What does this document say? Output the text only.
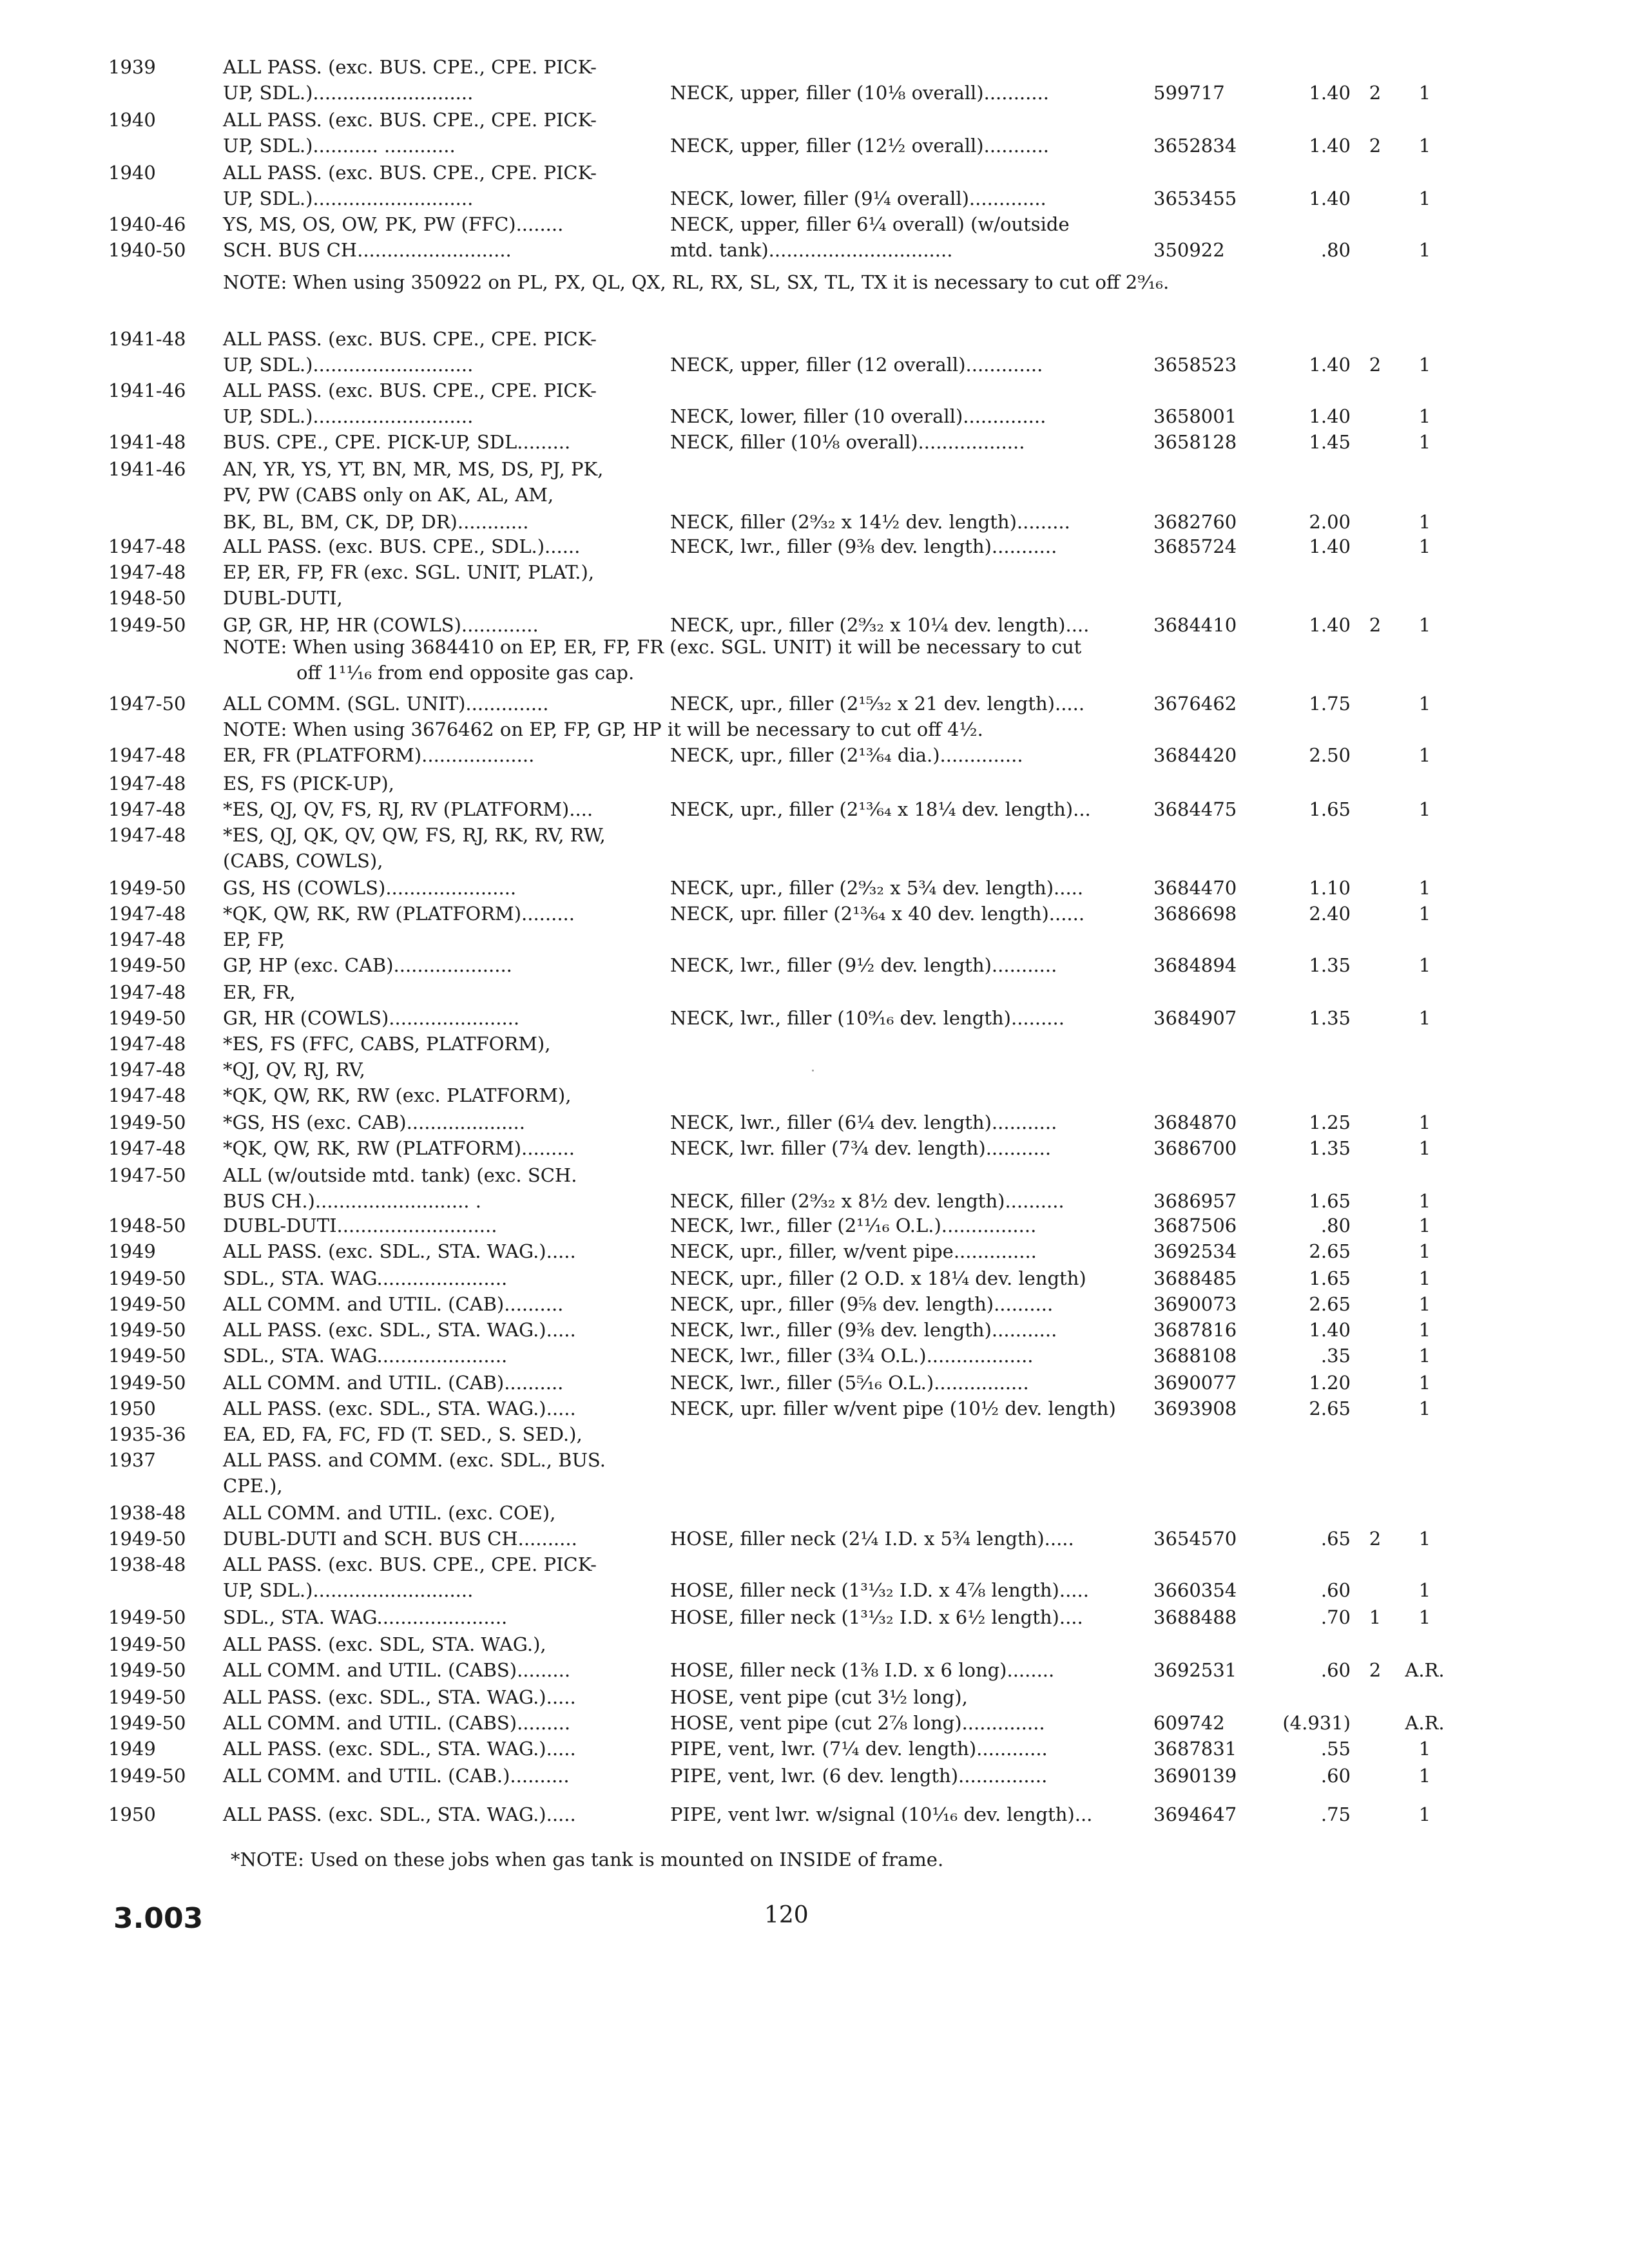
1939	ALL PASS. (exc. BUS. CPE., CPE. PICK-
UP, SDL.)...........................	NECK, upper, filler (10⅛ overall)...........	599717	1.40 2	1
1940	ALL PASS. (exc. BUS. CPE., CPE. PICK-
UP, SDL.)........... ............	NECK, upper, filler (12½ overall)...........	3652834	1.40 2	1
1940	ALL PASS. (exc. BUS. CPE., CPE. PICK-
UP, SDL.)...........................	NECK, lower, filler (9¼ overall).............	3653455	1.40	1
1940-46 YS, MS, OS, OW, PK, PW (FFC)........	NECK, upper, filler 6¼ overall) (w/outside
1940-50 SCH. BUS CH..........................	mtd. tank)...............................	350922	.80	1
1941-48 ALL PASS. (exc. BUS. CPE., CPE. PICK-
UP, SDL.)...........................	NECK, upper, filler (12 overall).............	3658523	1.40 2	1
1941-46 ALL PASS. (exc. BUS. CPE., CPE. PICK-
UP, SDL.)...........................	NECK, lower, filler (10 overall)..............	3658001	1.40	1
1941-48 BUS. CPE., CPE. PICK-UP, SDL.........	NECK, filler (10⅛ overall)..................	3658128	1.45	1
1941-46 AN, YR, YS, YT, BN, MR, MS, DS, PJ, PK,
PV, PW (CABS only on AK, AL, AM,
BK, BL, BM, CK, DP, DR)............	NECK, filler (2⁹⁄₃₂ x 14½ dev. length).........	3682760	2.00	1
1947-48 ALL PASS. (exc. BUS. CPE., SDL.)......	NECK, lwr., filler (9⅜ dev. length)...........	3685724	1.40	1
1947-48 EP, ER, FP, FR (exc. SGL. UNIT, PLAT.),
1948-50 DUBL-DUTI,
1949-50 GP, GR, HP, HR (COWLS).............	NECK, upr., filler (2⁹⁄₃₂ x 10¼ dev. length)....	3684410	1.40 2	1
1947-50 ALL COMM. (SGL. UNIT)..............	NECK, upr., filler (2¹⁵⁄₃₂ x 21 dev. length).....	3676462	1.75	1
1947-48 ER, FR (PLATFORM)...................	NECK, upr., filler (2¹³⁄₆₄ dia.)..............	3684420	2.50	1
1947-48 ES, FS (PICK-UP),
1947-48 *ES, QJ, QV, FS, RJ, RV (PLATFORM)....	NECK, upr., filler (2¹³⁄₆₄ x 18¼ dev. length)...	3684475	1.65	1
1947-48 *ES, QJ, QK, QV, QW, FS, RJ, RK, RV, RW,
(CABS, COWLS),
1949-50 GS, HS (COWLS)......................	NECK, upr., filler (2⁹⁄₃₂ x 5¾ dev. length).....	3684470	1.10	1
1947-48 *QK, QW, RK, RW (PLATFORM).........	NECK, upr. filler (2¹³⁄₆₄ x 40 dev. length)......	3686698	2.40	1
1947-48 EP, FP,
1949-50 GP, HP (exc. CAB)....................	NECK, lwr., filler (9½ dev. length)...........	3684894	1.35	1
1947-48 ER, FR,
1949-50 GR, HR (COWLS)......................	NECK, lwr., filler (10⁹⁄₁₆ dev. length).........	3684907	1.35	1
1947-48 *ES, FS (FFC, CABS, PLATFORM),
1947-48 *QJ, QV, RJ, RV,
1947-48 *QK, QW, RK, RW (exc. PLATFORM),
1949-50 *GS, HS (exc. CAB)....................	NECK, lwr., filler (6¼ dev. length)...........	3684870	1.25	1
1947-48 *QK, QW, RK, RW (PLATFORM).........	NECK, lwr. filler (7¾ dev. length)...........	3686700	1.35	1
1947-50 ALL (w/outside mtd. tank) (exc. SCH.
BUS CH.).......................... .	NECK, filler (2⁹⁄₃₂ x 8½ dev. length)..........	3686957	1.65	1
1948-50 DUBL-DUTI...........................	NECK, lwr., filler (2¹¹⁄₁₆ O.L.)................	3687506	.80	1
1949	ALL PASS. (exc. SDL., STA. WAG.).....	NECK, upr., filler, w/vent pipe..............	3692534	2.65	1
1949-50 SDL., STA. WAG......................	NECK, upr., filler (2 O.D. x 18¼ dev. length)	3688485	1.65	1
1949-50 ALL COMM. and UTIL. (CAB)..........	NECK, upr., filler (9⅝ dev. length)..........	3690073	2.65	1
1949-50 ALL PASS. (exc. SDL., STA. WAG.).....	NECK, lwr., filler (9⅜ dev. length)...........	3687816	1.40	1
1949-50 SDL., STA. WAG......................	NECK, lwr., filler (3¾ O.L.)..................	3688108	.35	1
1949-50 ALL COMM. and UTIL. (CAB)..........	NECK, lwr., filler (5⁵⁄₁₆ O.L.)................	3690077	1.20	1
1950	ALL PASS. (exc. SDL., STA. WAG.).....	NECK, upr. filler w/vent pipe (10½ dev. length) 3693908	2.65	1
1935-36 EA, ED, FA, FC, FD (T. SED., S. SED.),
1937	ALL PASS. and COMM. (exc. SDL., BUS.
CPE.),
1938-48 ALL COMM. and UTIL. (exc. COE),
1949-50 DUBL-DUTI and SCH. BUS CH..........	HOSE, filler neck (2¼ I.D. x 5¾ length).....	3654570	.65 2	1
1938-48 ALL PASS. (exc. BUS. CPE., CPE. PICK-
UP, SDL.)...........................	HOSE, filler neck (1³¹⁄₃₂ I.D. x 4⅞ length).....	3660354	.60	1
1949-50 SDL., STA. WAG......................	HOSE, filler neck (1³¹⁄₃₂ I.D. x 6½ length)....	3688488	.70 1	1
1949-50 ALL PASS. (exc. SDL, STA. WAG.),
1949-50 ALL COMM. and UTIL. (CABS).........	HOSE, filler neck (1⅜ I.D. x 6 long)........	3692531	.60 2	A.R.
1949-50 ALL PASS. (exc. SDL., STA. WAG.).....	HOSE, vent pipe (cut 3½ long),
1949-50 ALL COMM. and UTIL. (CABS).........	HOSE, vent pipe (cut 2⅞ long)..............	609742	(4.931)	A.R.
1949	ALL PASS. (exc. SDL., STA. WAG.).....	PIPE, vent, lwr. (7¼ dev. length)............	3687831	.55	1
1949-50 ALL COMM. and UTIL. (CAB.)..........	PIPE, vent, lwr. (6 dev. length)...............	3690139	.60	1
1950	ALL PASS. (exc. SDL., STA. WAG.).....	PIPE, vent lwr. w/signal (10¹⁄₁₆ dev. length)...	3694647	.75	1
NOTE: When using 350922 on PL, PX, QL, QX, RL, RX, SL, SX, TL, TX it is necessary to cut off 2⁹⁄₁₆.
NOTE: When using 3684410 on EP, ER, FP, FR (exc. SGL. UNIT) it will be necessary to cut
off 1¹¹⁄₁₆ from end opposite gas cap.
NOTE: When using 3676462 on EP, FP, GP, HP it will be necessary to cut off 4½.
*NOTE: Used on these jobs when gas tank is mounted on INSIDE of frame.
3.003	120
